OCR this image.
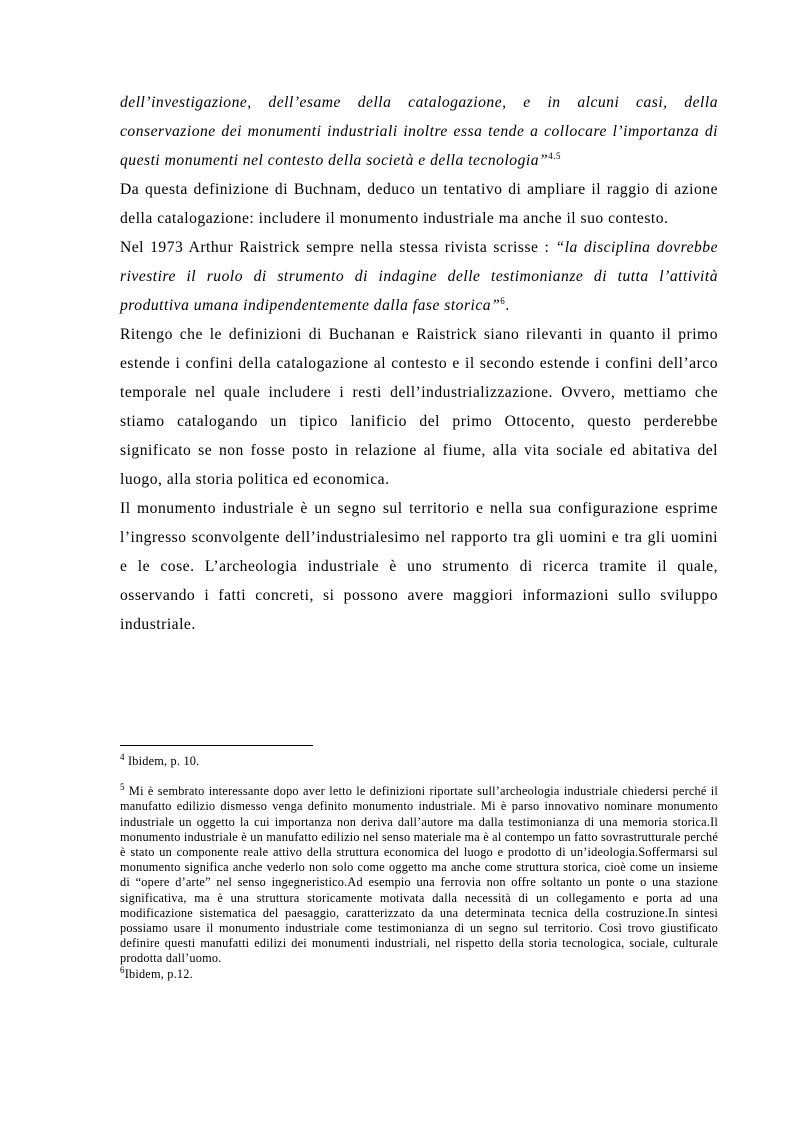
dell’investigazione, dell’esame della catalogazione, e in alcuni casi, della conservazione dei monumenti industriali inoltre essa tende a collocare l’importanza di questi monumenti nel contesto della società e della tecnologia”$^{4.5}$

Da questa definizione di Buchnam, deduco un tentativo di ampliare il raggio di azione della catalogazione: includere il monumento industriale ma anche il suo contesto.

Nel 1973 Arthur Raistrick sempre nella stessa rivista scrisse : “la disciplina dovrebbe rivestire il ruolo di strumento di indagine delle testimonianze di tutta l’attività produttiva umana indipendentemente dalla fase storica”$^6$.

Ritengo che le definizioni di Buchanan e Raistrick siano rilevanti in quanto il primo estende i confini della catalogazione al contesto e il secondo estende i confini dell’arco temporale nel quale includere i resti dell’industrializzazione. Ovvero, mettiamo che stiamo catalogando un tipico lanificio del primo Ottocento, questo perderebbe significato se non fosse posto in relazione al fiume, alla vita sociale ed abitativa del luogo, alla storia politica ed economica.

Il monumento industriale è un segno sul territorio e nella sua configurazione esprime l’ingresso sconvolgente dell’industrialesimo nel rapporto tra gli uomini e tra gli uomini e le cose. L’archeologia industriale è uno strumento di ricerca tramite il quale, osservando i fatti concreti, si possono avere maggiori informazioni sullo sviluppo industriale.

$^4$ Ibidem, p. 10.

$^5$ Mi è sembrato interessante dopo aver letto le definizioni riportate sull’archeologia industriale chiedersi perché il manufatto edilizio dismesso venga definito monumento industriale. Mi è parso innovativo nominare monumento industriale un oggetto la cui importanza non deriva dall’autore ma dalla testimonianza di una memoria storica.Il monumento industriale è un manufatto edilizio nel senso materiale ma è al contempo un fatto sovrastrutturale perché è stato un componente reale attivo della struttura economica del luogo e prodotto di un’ideologia.Soffermarsi sul monumento significa anche vederlo non solo come oggetto ma anche come struttura storica, cioè come un insieme di “opere d’arte” nel senso ingegneristico.Ad esempio una ferrovia non offre soltanto un ponte o una stazione significativa, ma è una struttura storicamente motivata dalla necessità di un collegamento e porta ad una modificazione sistematica del paesaggio, caratterizzato da una determinata tecnica della costruzione.In sintesi possiamo usare il monumento industriale come testimonianza di un segno sul territorio. Così trovo giustificato definire questi manufatti edilizi dei monumenti industriali, nel rispetto della storia tecnologica, sociale, culturale prodotta dall’uomo.

$^6$Ibidem, p.12.
